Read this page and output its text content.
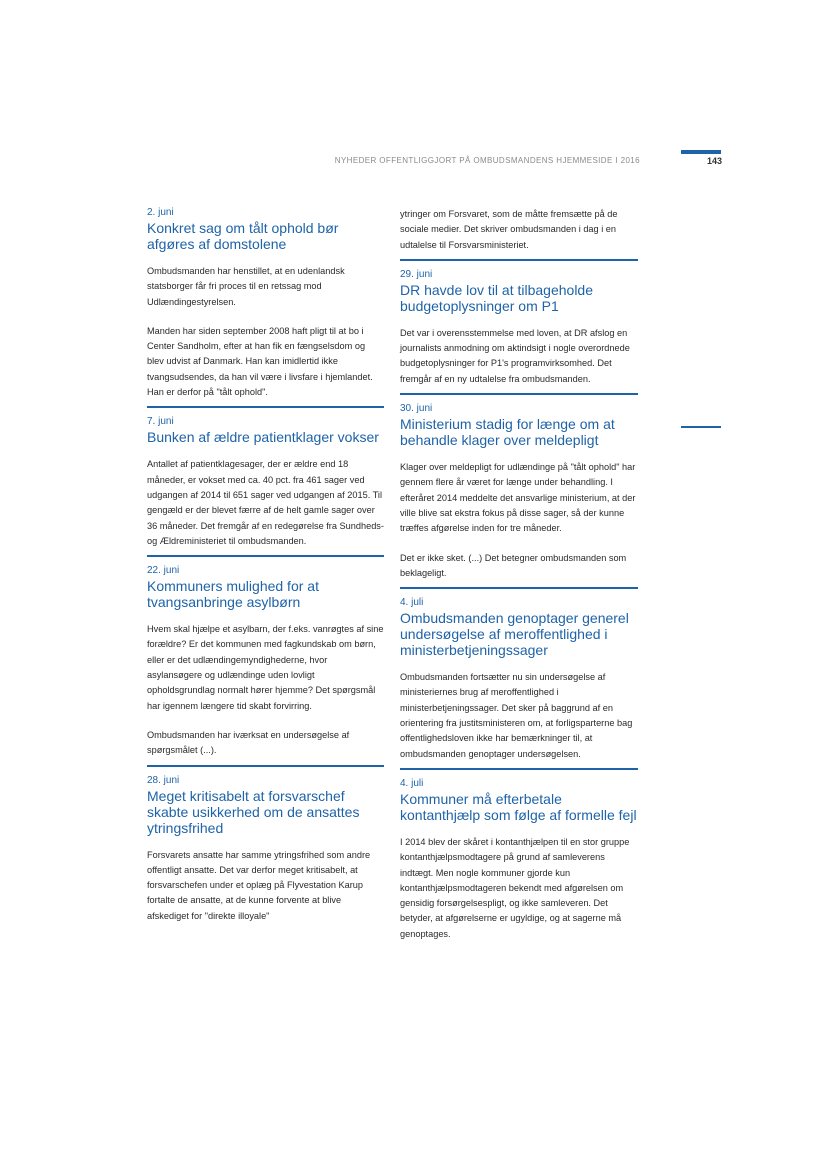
NYHEDER OFFENTLIGGJORT PÅ OMBUDSMANDENS HJEMMESIDE I 2016	143
2. juni
Konkret sag om tålt ophold bør afgøres af domstolene

Ombudsmanden har henstillet, at en udenlandsk statsborger får fri proces til en retssag mod Udlændingestyrelsen.

Manden har siden september 2008 haft pligt til at bo i Center Sandholm, efter at han fik en fængselsdom og blev udvist af Danmark. Han kan imidlertid ikke tvangsudsendes, da han vil være i livsfare i hjemlandet. Han er derfor på "tålt ophold".

7. juni
Bunken af ældre patientklager vokser

Antallet af patientklagesager, der er ældre end 18 måneder, er vokset med ca. 40 pct. fra 461 sager ved udgangen af 2014 til 651 sager ved udgangen af 2015. Til gengæld er der blevet færre af de helt gamle sager over 36 måneder. Det fremgår af en redegørelse fra Sundheds- og Ældreministeriet til ombudsmanden.

22. juni
Kommuners mulighed for at tvangsanbringe asylbørn

Hvem skal hjælpe et asylbarn, der f.eks. vanrøgtes af sine forældre? Er det kommunen med fagkundskab om børn, eller er det udlændingemyndighederne, hvor asylansøgere og udlændinge uden lovligt opholdsgrundlag normalt hører hjemme? Det spørgsmål har igennem længere tid skabt forvirring.

Ombudsmanden har iværksat en undersøgelse af spørgsmålet (...).

28. juni
Meget kritisabelt at forsvarschef skabte usikkerhed om de ansattes ytringsfrihed

Forsvarets ansatte har samme ytringsfrihed som andre offentligt ansatte. Det var derfor meget kritisabelt, at forsvarschefen under et oplæg på Flyvestation Karup fortalte de ansatte, at de kunne forvente at blive afskediget for "direkte illoyale"

ytringer om Forsvaret, som de måtte fremsætte på de sociale medier. Det skriver ombudsmanden i dag i en udtalelse til Forsvarsministeriet.

29. juni
DR havde lov til at tilbageholde budgetoplysninger om P1

Det var i overensstemmelse med loven, at DR afslog en journalists anmodning om aktindsigt i nogle overordnede budgetoplysninger for P1's programvirksomhed. Det fremgår af en ny udtalelse fra ombudsmanden.

30. juni
Ministerium stadig for længe om at behandle klager over meldepligt

Klager over meldepligt for udlændinge på "tålt ophold" har gennem flere år været for længe under behandling. I efteråret 2014 meddelte det ansvarlige ministerium, at der ville blive sat ekstra fokus på disse sager, så der kunne træffes afgørelse inden for tre måneder.

Det er ikke sket. (...) Det betegner ombudsmanden som beklageligt.

4. juli
Ombudsmanden genoptager generel undersøgelse af meroffentlighed i ministerbetjeningssager

Ombudsmanden fortsætter nu sin undersøgelse af ministeriernes brug af meroffentlighed i ministerbetjeningssager. Det sker på baggrund af en orientering fra justitsministeren om, at forligsparterne bag offentlighedsloven ikke har bemærkninger til, at ombudsmanden genoptager undersøgelsen.

4. juli
Kommuner må efterbetale kontanthjælp som følge af formelle fejl

I 2014 blev der skåret i kontanthjælpen til en stor gruppe kontanthjælpsmodtagere på grund af samleverens indtægt. Men nogle kommuner gjorde kun kontanthjælpsmodtageren bekendt med afgørelsen om gensidig forsørgelsespligt, og ikke samleveren. Det betyder, at afgørelserne er ugyldige, og at sagerne må genoptages.
